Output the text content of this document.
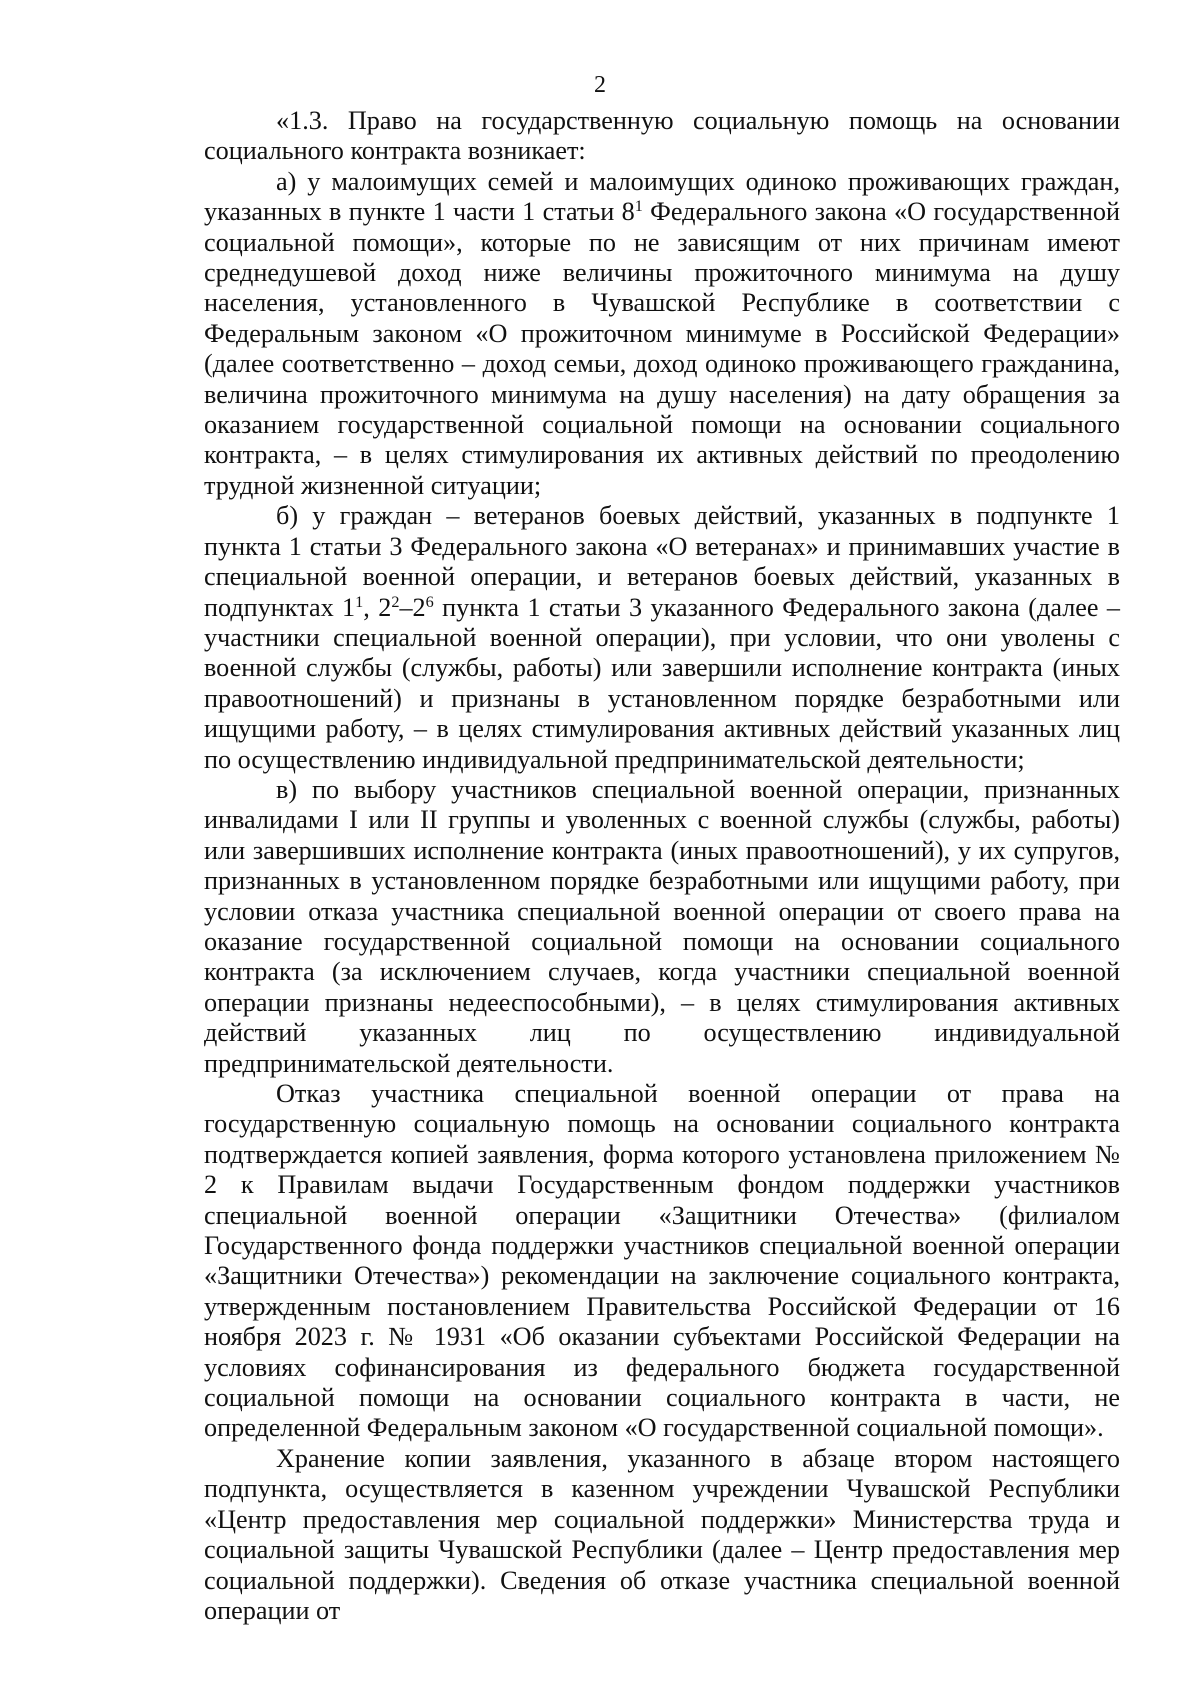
2

«1.3. Право на государственную социальную помощь на основании социального контракта возникает:

а) у малоимущих семей и малоимущих одиноко проживающих граждан, указанных в пункте 1 части 1 статьи $8^1$ Федерального закона «О государственной социальной помощи», которые по не зависящим от них причинам имеют среднедушевой доход ниже величины прожиточного минимума на душу населения, установленного в Чувашской Республике в соответствии с Федеральным законом «О прожиточном минимуме в Российской Федерации» (далее соответственно – доход семьи, доход одиноко проживающего гражданина, величина прожиточного минимума на душу населения) на дату обращения за оказанием государственной социальной помощи на основании социального контракта, – в целях стимулирования их активных действий по преодолению трудной жизненной ситуации;

б) у граждан – ветеранов боевых действий, указанных в подпункте 1 пункта 1 статьи 3 Федерального закона «О ветеранах» и принимавших участие в специальной военной операции, и ветеранов боевых действий, указанных в подпунктах $1^1$, $2^2-2^6$ пункта 1 статьи 3 указанного Федерального закона (далее – участники специальной военной операции), при условии, что они уволены с военной службы (службы, работы) или завершили исполнение контракта (иных правоотношений) и признаны в установленном порядке безработными или ищущими работу, – в целях стимулирования активных действий указанных лиц по осуществлению индивидуальной предпринимательской деятельности;

в) по выбору участников специальной военной операции, признанных инвалидами I или II группы и уволенных с военной службы (службы, работы) или завершивших исполнение контракта (иных правоотношений), у их супругов, признанных в установленном порядке безработными или ищущими работу, при условии отказа участника специальной военной операции от своего права на оказание государственной социальной помощи на основании социального контракта (за исключением случаев, когда участники специальной военной операции признаны недееспособными), – в целях стимулирования активных действий указанных лиц по осуществлению индивидуальной предпринимательской деятельности.

Отказ участника специальной военной операции от права на государственную социальную помощь на основании социального контракта подтверждается копией заявления, форма которого установлена приложением № 2 к Правилам выдачи Государственным фондом поддержки участников специальной военной операции «Защитники Отечества» (филиалом Государственного фонда поддержки участников специальной военной операции «Защитники Отечества») рекомендации на заключение социального контракта, утвержденным постановлением Правительства Российской Федерации от 16 ноября 2023 г. № 1931 «Об оказании субъектами Российской Федерации на условиях софинансирования из федерального бюджета государственной социальной помощи на основании социального контракта в части, не определенной Федеральным законом «О государственной социальной помощи».

Хранение копии заявления, указанного в абзаце втором настоящего подпункта, осуществляется в казенном учреждении Чувашской Республики «Центр предоставления мер социальной поддержки» Министерства труда и социальной защиты Чувашской Республики (далее – Центр предоставления мер социальной поддержки). Сведения об отказе участника специальной военной операции от
